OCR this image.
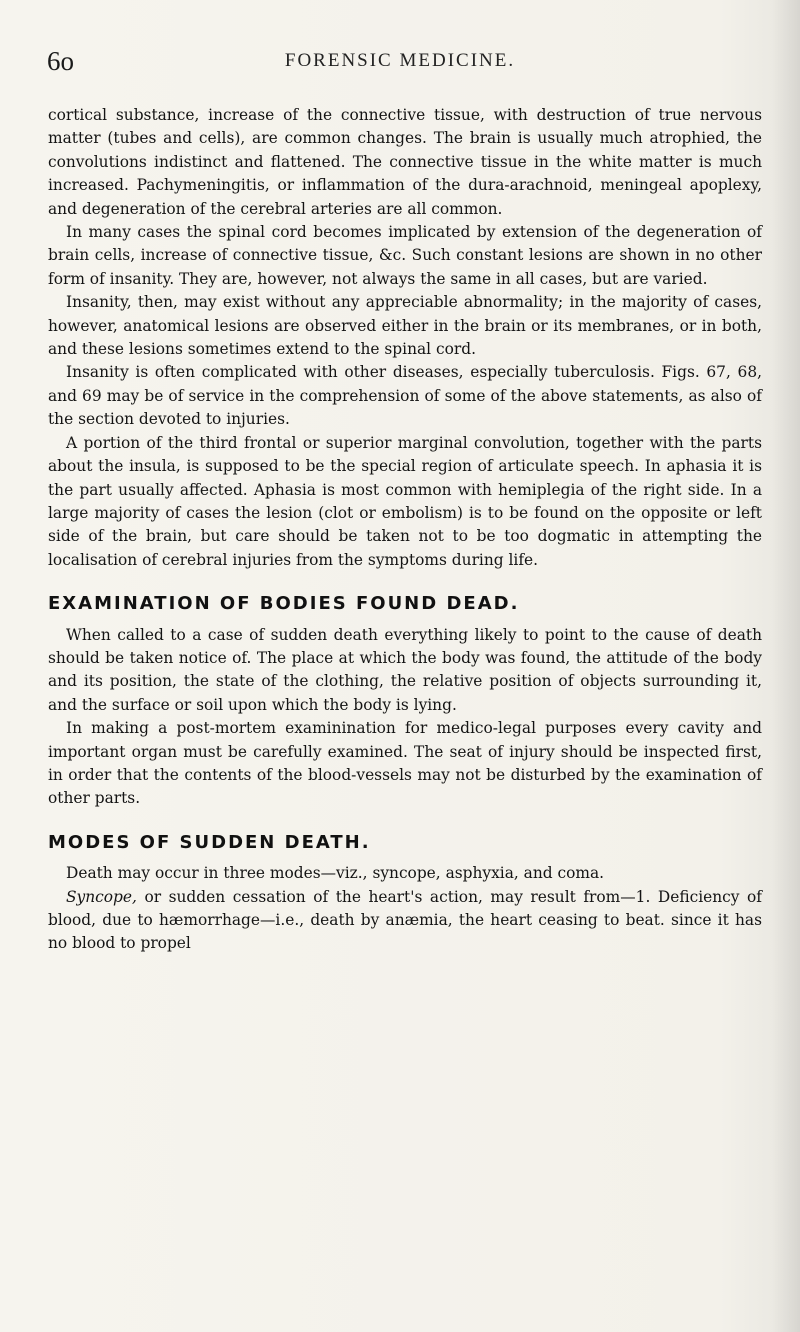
6o	FORENSIC MEDICINE.

cortical substance, increase of the connective tissue, with destruction of true nervous matter (tubes and cells), are common changes. The brain is usually much atrophied, the convolutions indistinct and flattened. The connective tissue in the white matter is much increased. Pachymeningitis, or inflammation of the dura-arachnoid, meningeal apoplexy, and degeneration of the cerebral arteries are all common.

In many cases the spinal cord becomes implicated by extension of the degeneration of brain cells, increase of connective tissue, &c. Such constant lesions are shown in no other form of insanity. They are, however, not always the same in all cases, but are varied.

Insanity, then, may exist without any appreciable abnormality; in the majority of cases, however, anatomical lesions are observed either in the brain or its membranes, or in both, and these lesions sometimes extend to the spinal cord.

Insanity is often complicated with other diseases, especially tuberculosis. Figs. 67, 68, and 69 may be of service in the comprehension of some of the above statements, as also of the section devoted to injuries.

A portion of the third frontal or superior marginal convolution, together with the parts about the insula, is supposed to be the special region of articulate speech. In aphasia it is the part usually affected. Aphasia is most common with hemiplegia of the right side. In a large majority of cases the lesion (clot or embolism) is to be found on the opposite or left side of the brain, but care should be taken not to be too dogmatic in attempting the localisation of cerebral injuries from the symptoms during life.

EXAMINATION OF BODIES FOUND DEAD.

When called to a case of sudden death everything likely to point to the cause of death should be taken notice of. The place at which the body was found, the attitude of the body and its position, the state of the clothing, the relative position of objects surrounding it, and the surface or soil upon which the body is lying.

In making a post-mortem examinination for medico-legal purposes every cavity and important organ must be carefully examined. The seat of injury should be inspected first, in order that the contents of the blood-vessels may not be disturbed by the examination of other parts.

MODES OF SUDDEN DEATH.

Death may occur in three modes—viz., syncope, asphyxia, and coma.

Syncope, or sudden cessation of the heart's action, may result from—1. Deficiency of blood, due to hæmorrhage—i.e., death by anæmia, the heart ceasing to beat. since it has no blood to propel
